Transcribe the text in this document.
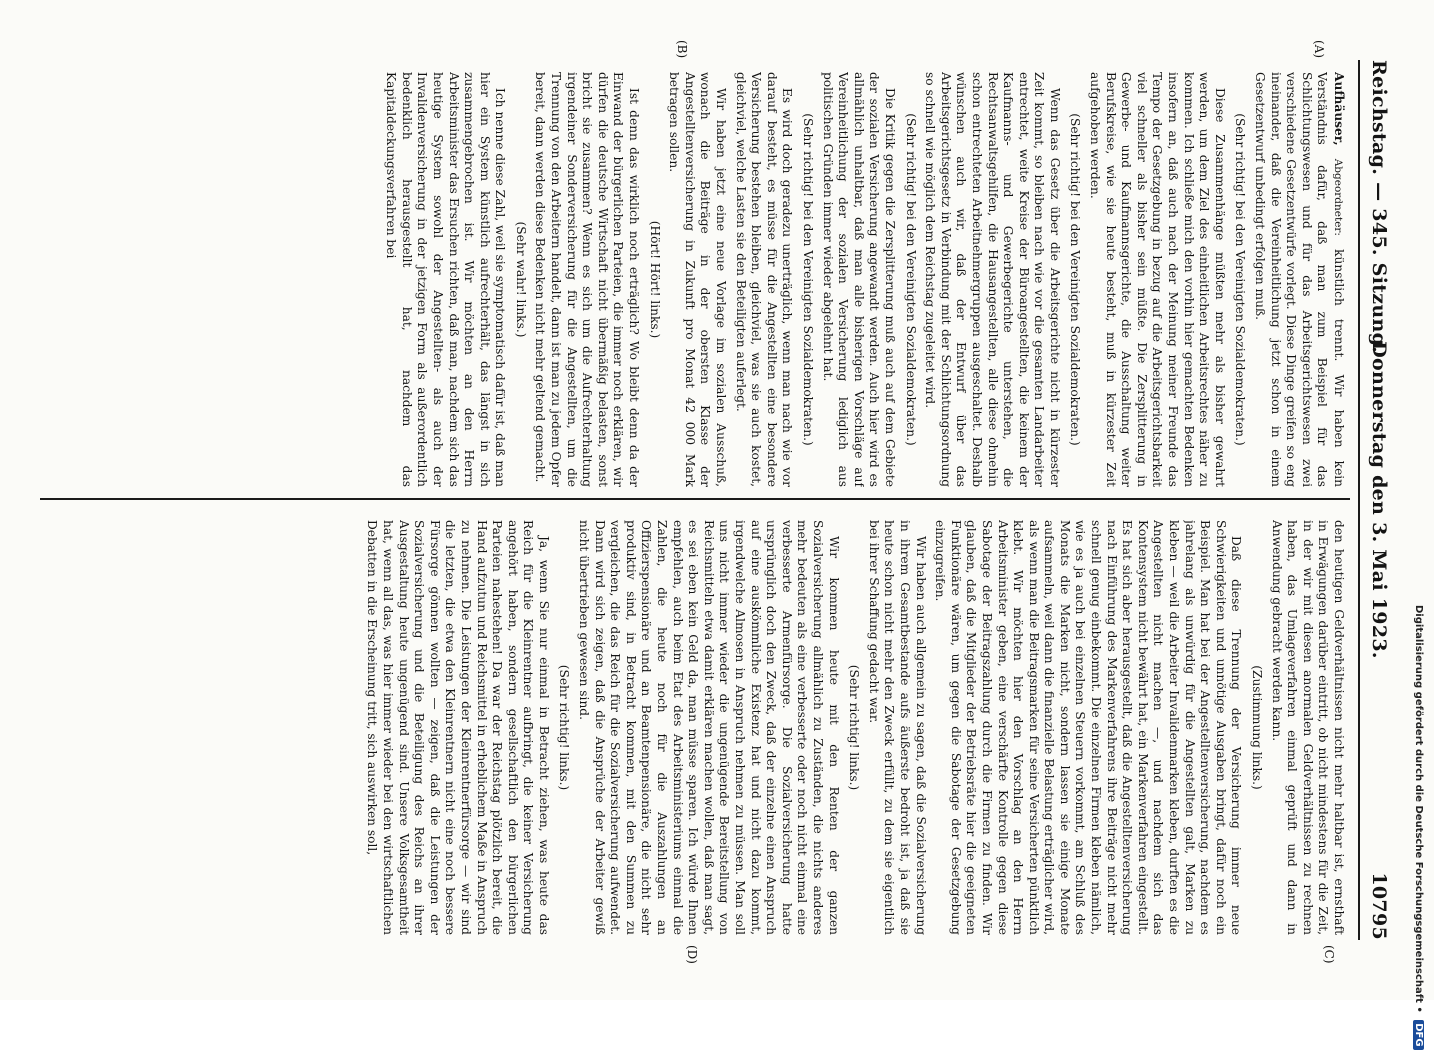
Digitalisierung gefördert durch die Deutsche Forschungsgemeinschaft • DFG
Reichstag. — 345. Sitzung.
Donnerstag den 3. Mai 1923.
10795
(A)
(B)
(C)
(D)

Aufhäuser, Abgeordneter: künstlich trennt. Wir haben kein Verständnis dafür, daß man zum Beispiel für das Schlichtungswesen und für das Arbeitsgerichtswesen zwei verschiedene Gesetzentwürfe vorlegt. Diese Dinge greifen so eng ineinander, daß die Vereinheitlichung jetzt schon in einem Gesetzentwurf unbedingt erfolgen muß.

(Sehr richtig! bei den Vereinigten Sozialdemokraten.)

Diese Zusammenhänge müßten mehr als bisher gewahrt werden, um dem Ziel des einheitlichen Arbeitsrechtes näher zu kommen. Ich schließe mich den vorhin hier gemachten Bedenken insofern an, daß auch nach der Meinung meiner Freunde das Tempo der Gesetzgebung in bezug auf die Arbeitsgerichtsbarkeit viel schneller als bisher sein müßte. Die Zersplitterung in Gewerbe- und Kaufmannsgerichte, die Ausschaltung weiter Berufskreise, wie sie heute besteht, muß in kürzester Zeit aufgehoben werden.

(Sehr richtig! bei den Vereinigten Sozialdemokraten.)

Wenn das Gesetz über die Arbeitsgerichte nicht in kürzester Zeit kommt, so bleiben nach wie vor die gesamten Landarbeiter entrechtet, weite Kreise der Büroangestellten, die keinem der Kaufmanns- und Gewerbegerichte unterstehen, die Rechtsanwaltsgehilfen, die Hausangestellten, alle diese ohnehin schon entrechteten Arbeitnehmergruppen ausgeschaltet. Deshalb wünschen auch wir, daß der Entwurf über das Arbeitsgerichtsgesetz in Verbindung mit der Schlichtungsordnung so schnell wie möglich dem Reichstag zugeleitet wird.

(Sehr richtig! bei den Vereinigten Sozialdemokraten.)

Die Kritik gegen die Zersplitterung muß auch auf dem Gebiete der sozialen Versicherung angewandt werden. Auch hier wird es allmählich unhaltbar, daß man alle bisherigen Vorschläge auf Vereinheitlichung der sozialen Versicherung lediglich aus politischen Gründen immer wieder abgelehnt hat.

(Sehr richtig! bei den Vereinigten Sozialdemokraten.)

Es wird doch geradezu unerträglich, wenn man nach wie vor darauf besteht, es müsse für die Angestellten eine besondere Versicherung bestehen bleiben, gleichviel, was sie auch kostet, gleichviel, welche Lasten sie den Beteiligten auferlegt.

Wir haben jetzt eine neue Vorlage im sozialen Ausschuß, wonach die Beiträge in der obersten Klasse der Angestelltenversicherung in Zukunft pro Monat 42 000 Mark betragen sollen.

(Hört! Hört! links.)

Ist denn das wirklich noch erträglich? Wo bleibt denn da der Einwand der bürgerlichen Parteien, die immer noch erklären, wir dürfen die deutsche Wirtschaft nicht übermäßig belasten, sonst bricht sie zusammen? Wenn es sich um die Aufrechterhaltung irgendeiner Sonderversicherung für die Angestellten, um die Trennung von den Arbeitern handelt, dann ist man zu jedem Opfer bereit, dann werden diese Bedenken nicht mehr geltend gemacht.

(Sehr wahr! links.)

Ich nenne diese Zahl, weil sie symptomatisch dafür ist, daß man hier ein System künstlich aufrechterhält, das längst in sich zusammengebrochen ist. Wir möchten an den Herrn Arbeitsminister das Ersuchen richten, daß man, nachdem sich das heutige System sowohl der Angestellten- als auch der Invalidenversicherung in der jetzigen Form als außerordentlich bedenklich herausgestellt hat, nachdem das Kapitaldeckungsverfahren bei

den heutigen Geldverhältnissen nicht mehr haltbar ist, ernsthaft in Erwägungen darüber eintritt, ob nicht mindestens für die Zeit, in der wir mit diesen anormalen Geldverhältnissen zu rechnen haben, das Umlageverfahren einmal geprüft und dann in Anwendung gebracht werden kann.

(Zustimmung links.)

Daß diese Trennung der Versicherung immer neue Schwierigkeiten und unnötige Ausgaben bringt, dafür noch ein Beispiel. Man hat bei der Angestelltenversicherung, nachdem es jahrelang als unwürdig für die Angestellten galt, Marken zu kleben — weil die Arbeiter Invalidenmarken kleben, durften es die Angestellten nicht machen —, und nachdem sich das Kontensystem nicht bewährt hat, ein Markenverfahren eingestellt. Es hat sich aber herausgestellt, daß die Angestelltenversicherung nach Einführung des Markenverfahrens ihre Beiträge nicht mehr schnell genug einbekommt. Die einzelnen Firmen kleben nämlich, wie es ja auch bei einzelnen Steuern vorkommt, am Schluß des Monats die Marken nicht, sondern lassen sie einige Monate aufsammeln, weil dann die finanzielle Belastung erträglicher wird, als wenn man die Beitragsmarken für seine Versicherten pünktlich klebt. Wir möchten hier den Vorschlag an den Herrn Arbeitsminister geben, eine verschärfte Kontrolle gegen diese Sabotage der Beitragszahlung durch die Firmen zu finden. Wir glauben, daß die Mitglieder der Betriebsräte hier die geeigneten Funktionäre wären, um gegen die Sabotage der Gesetzgebung einzugreifen.

Wir haben auch allgemein zu sagen, daß die Sozialversicherung in ihrem Gesamtbestande aufs äußerste bedroht ist, ja daß sie heute schon nicht mehr den Zweck erfüllt, zu dem sie eigentlich bei ihrer Schaffung gedacht war.

(Sehr richtig! links.)

Wir kommen heute mit den Renten der ganzen Sozialversicherung allmählich zu Zuständen, die nichts anderes mehr bedeuten als eine verbesserte oder noch nicht einmal eine verbesserte Armenfürsorge. Die Sozialversicherung hatte ursprünglich doch den Zweck, daß der einzelne einen Anspruch auf eine auskömmliche Existenz hat und nicht dazu kommt, irgendwelche Almosen in Anspruch nehmen zu müssen. Man soll uns nicht immer wieder die ungenügende Bereitstellung von Reichsmitteln etwa damit erklären machen wollen, daß man sagt, es sei eben kein Geld da, man müsse sparen. Ich würde Ihnen empfehlen, auch beim Etat des Arbeitsministeriums einmal die Zahlen, die heute noch für die Auszahlungen an Offizierspensionäre und an Beamtenpensionäre, die nicht sehr produktiv sind, in Betracht kommen, mit den Summen zu vergleichen, die das Reich für die Sozialversicherung aufwendet. Dann wird sich zeigen, daß die Ansprüche der Arbeiter gewiß nicht übertrieben gewesen sind.

(Sehr richtig! links.)

Ja, wenn Sie nur einmal in Betracht ziehen, was heute das Reich für die Kleinrentner aufbringt, die keiner Versicherung angehört haben, sondern gesellschaftlich den bürgerlichen Parteien nahestehen! Da war der Reichstag plötzlich bereit, die Hand aufzutun und Reichsmittel in erheblichem Maße in Anspruch zu nehmen. Die Leistungen der Kleinrentnerfürsorge — wir sind die letzten, die etwa den Kleinrentnern nicht eine noch bessere Fürsorge gönnen wollten — zeigen, daß die Leistungen der Sozialversicherung und die Beteiligung des Reichs an ihrer Ausgestaltung heute ungenügend sind. Unsere Volksgesamtheit hat, wenn all das, was hier immer wieder bei den wirtschaftlichen Debatten in die Erscheinung tritt, sich auswirken soll,
